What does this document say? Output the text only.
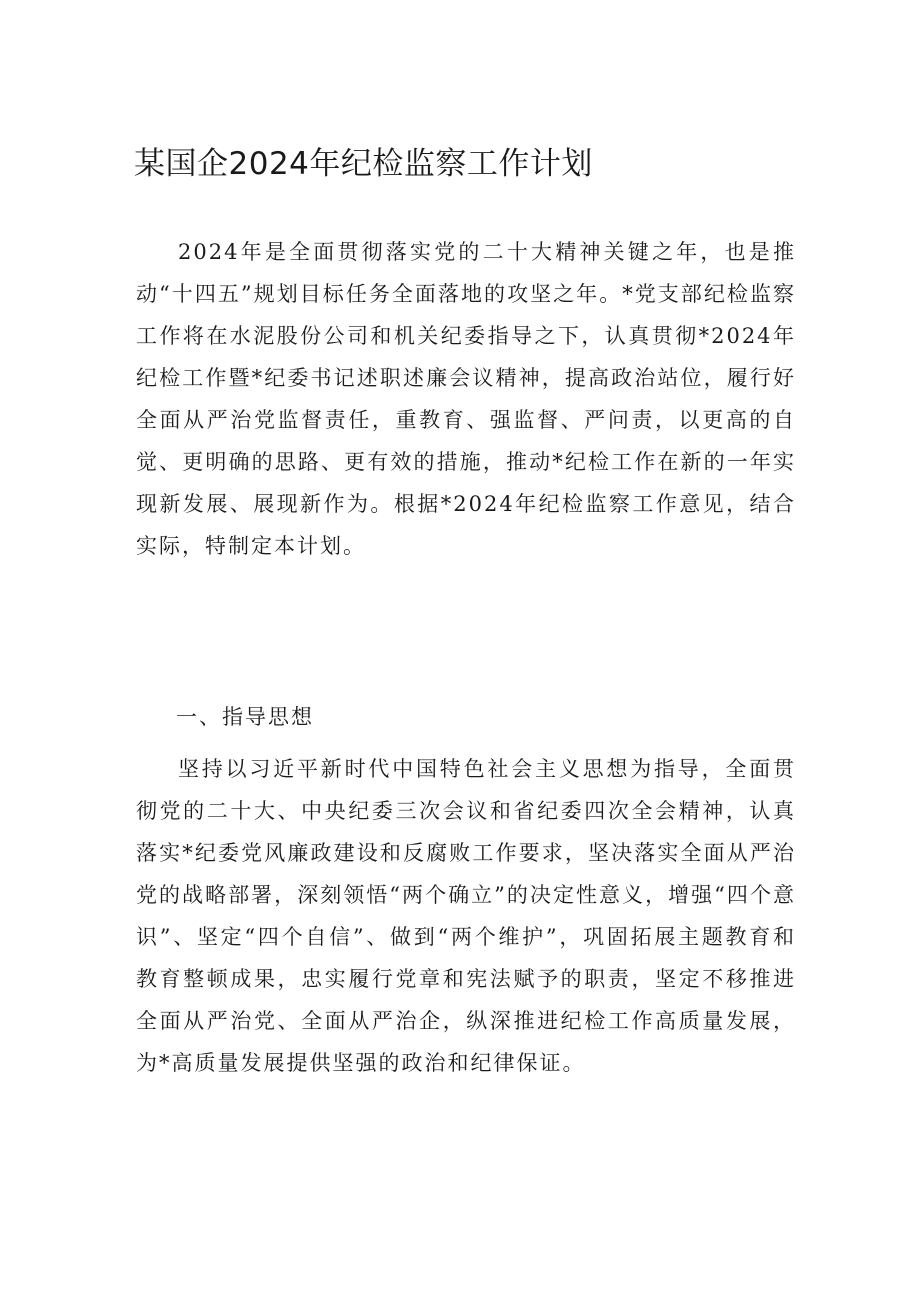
某国企2024年纪检监察工作计划

2024年是全面贯彻落实党的二十大精神关键之年，也是推动“十四五”规划目标任务全面落地的攻坚之年。*党支部纪检监察工作将在水泥股份公司和机关纪委指导之下，认真贯彻*2024年纪检工作暨*纪委书记述职述廉会议精神，提高政治站位，履行好全面从严治党监督责任，重教育、强监督、严问责，以更高的自觉、更明确的思路、更有效的措施，推动*纪检工作在新的一年实现新发展、展现新作为。根据*2024年纪检监察工作意见，结合实际，特制定本计划。

一、指导思想

坚持以习近平新时代中国特色社会主义思想为指导，全面贯彻党的二十大、中央纪委三次会议和省纪委四次全会精神，认真落实*纪委党风廉政建设和反腐败工作要求，坚决落实全面从严治党的战略部署，深刻领悟“两个确立”的决定性意义，增强“四个意识”、坚定“四个自信”、做到“两个维护”，巩固拓展主题教育和教育整顿成果，忠实履行党章和宪法赋予的职责，坚定不移推进全面从严治党、全面从严治企，纵深推进纪检工作高质量发展，为*高质量发展提供坚强的政治和纪律保证。
